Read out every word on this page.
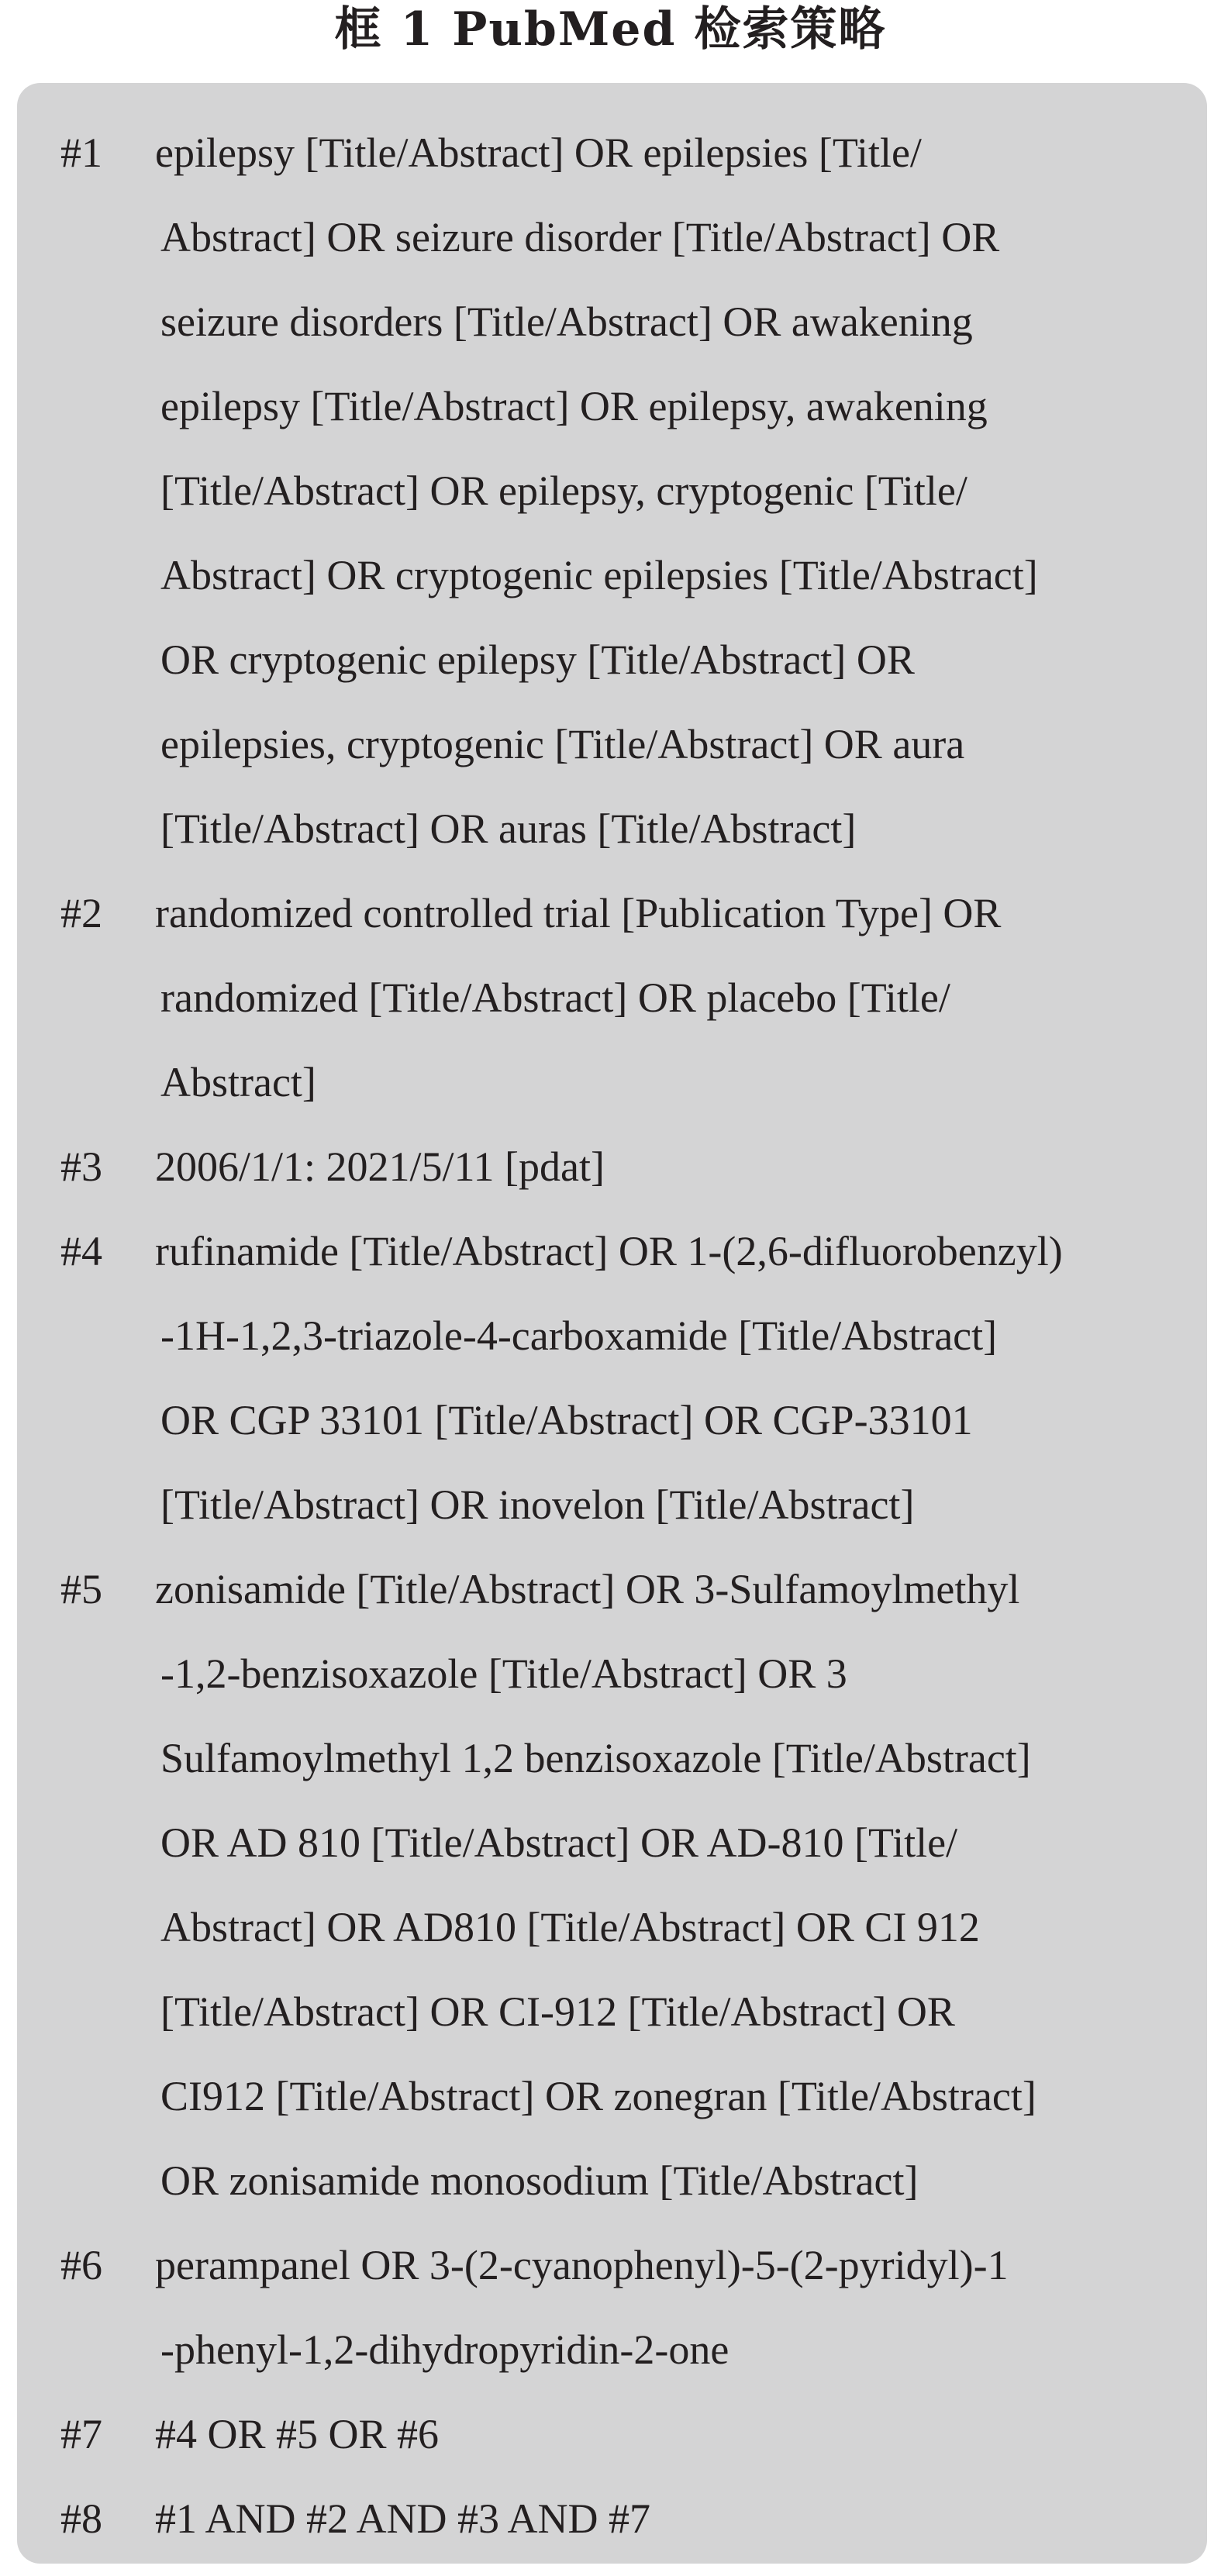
框 1 PubMed 检索策略
#1 epilepsy [Title/Abstract] OR epilepsies [Title/
Abstract] OR seizure disorder [Title/Abstract] OR
seizure disorders [Title/Abstract] OR awakening
epilepsy [Title/Abstract] OR epilepsy, awakening
[Title/Abstract] OR epilepsy, cryptogenic [Title/
Abstract] OR cryptogenic epilepsies [Title/Abstract]
OR cryptogenic epilepsy [Title/Abstract] OR
epilepsies, cryptogenic [Title/Abstract] OR aura
[Title/Abstract] OR auras [Title/Abstract]
#2 randomized controlled trial [Publication Type] OR
randomized [Title/Abstract] OR placebo [Title/
Abstract]
#3 2006/1/1: 2021/5/11 [pdat]
#4 rufinamide [Title/Abstract] OR 1-(2,6-difluorobenzyl)
-1H-1,2,3-triazole-4-carboxamide [Title/Abstract]
OR CGP 33101 [Title/Abstract] OR CGP-33101
[Title/Abstract] OR inovelon [Title/Abstract]
#5 zonisamide [Title/Abstract] OR 3-Sulfamoylmethyl
-1,2-benzisoxazole [Title/Abstract] OR 3
Sulfamoylmethyl 1,2 benzisoxazole [Title/Abstract]
OR AD 810 [Title/Abstract] OR AD-810 [Title/
Abstract] OR AD810 [Title/Abstract] OR CI 912
[Title/Abstract] OR CI-912 [Title/Abstract] OR
CI912 [Title/Abstract] OR zonegran [Title/Abstract]
OR zonisamide monosodium [Title/Abstract]
#6 perampanel OR 3-(2-cyanophenyl)-5-(2-pyridyl)-1
-phenyl-1,2-dihydropyridin-2-one
#7 #4 OR #5 OR #6
#8 #1 AND #2 AND #3 AND #7
